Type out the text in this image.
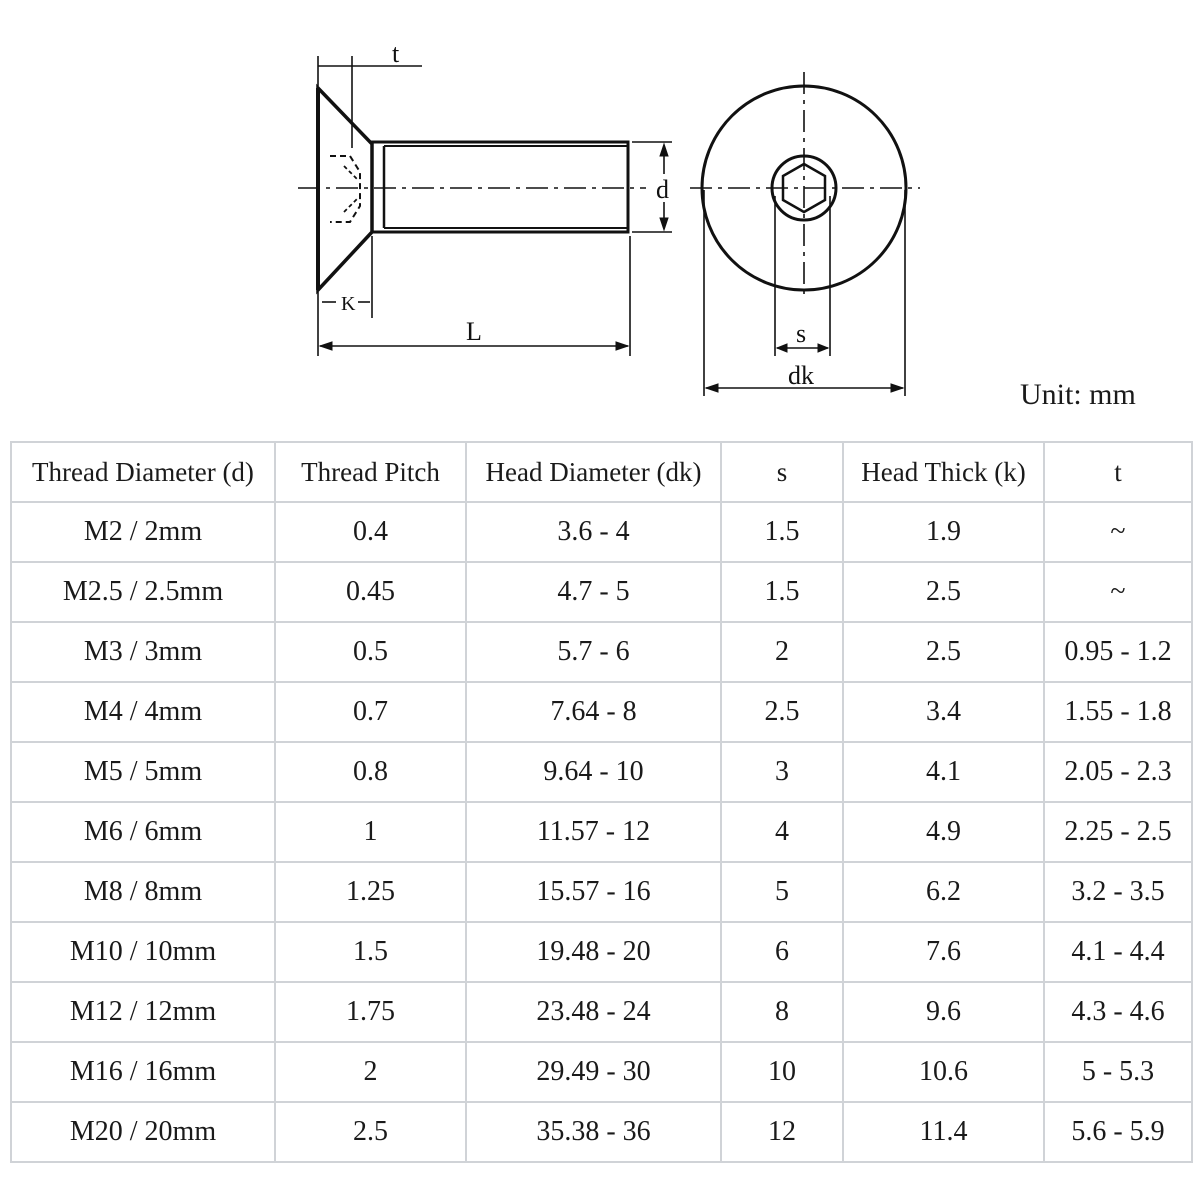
t
d
K
L	s
dk
Unit: mm
Thread Diameter (d)	Thread Pitch	Head Diameter (dk)	s	Head Thick (k)	t
M2 / 2mm	0.4	3.6 - 4	1.5	1.9	~
M2.5 / 2.5mm	0.45	4.7 - 5	1.5	2.5	~
M3 / 3mm	0.5	5.7 - 6	2	2.5	0.95 - 1.2
M4 / 4mm	0.7	7.64 - 8	2.5	3.4	1.55 - 1.8
M5 / 5mm	0.8	9.64 - 10	3	4.1	2.05 - 2.3
M6 / 6mm	1	11.57 - 12	4	4.9	2.25 - 2.5
M8 / 8mm	1.25	15.57 - 16	5	6.2	3.2 - 3.5
M10 / 10mm	1.5	19.48 - 20	6	7.6	4.1 - 4.4
M12 / 12mm	1.75	23.48 - 24	8	9.6	4.3 - 4.6
M16 / 16mm	2	29.49 - 30	10	10.6	5 - 5.3
M20 / 20mm	2.5	35.38 - 36	12	11.4	5.6 - 5.9
